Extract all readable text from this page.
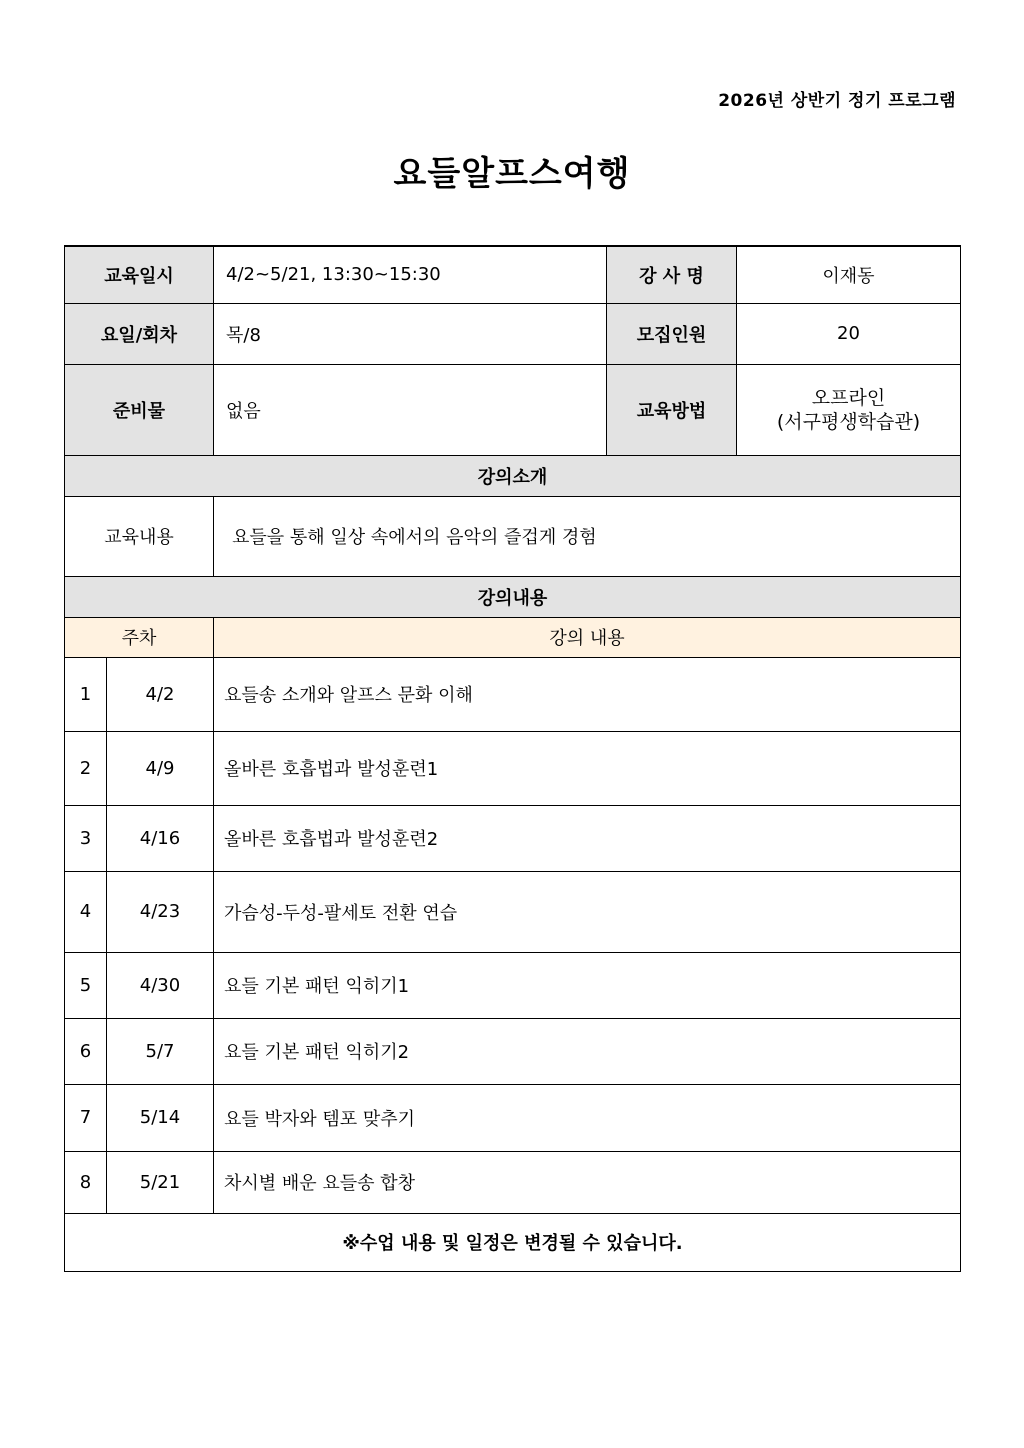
2026년 상반기 정기 프로그램
요들알프스여행
교육일시		4/2~5/21, 13:30~15:30	강 사 명	이재동
요일/회차		목/8	모집인원	20
준비물		없음	교육방법	오프라인
(서구평생학습관)

강의소개				
교육내용		요들을 통해 일상 속에서의 음악의 즐겁게 경험		
강의내용				
주차		강의 내용		
1	4/2	요들송 소개와 알프스 문화 이해		
2	4/9	올바른 호흡법과 발성훈련1		
3	4/16	올바른 호흡법과 발성훈련2		
4	4/23	가슴성-두성-팔세토 전환 연습		
5	4/30	요들 기본 패턴 익히기1		
6	5/7	요들 기본 패턴 익히기2		
7	5/14	요들 박자와 템포 맞추기		
8	5/21	차시별 배운 요들송 합창		
※수업 내용 및 일정은 변경될 수 있습니다.				
